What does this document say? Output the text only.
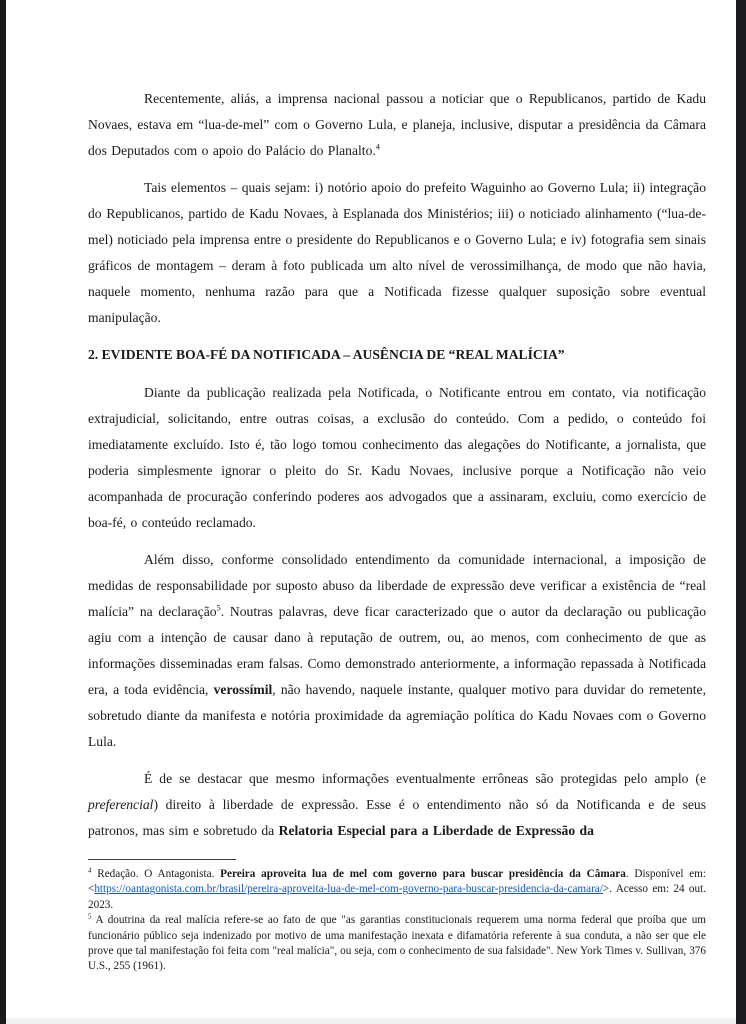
Recentemente, aliás, a imprensa nacional passou a noticiar que o Republicanos, partido de Kadu Novaes, estava em “lua-de-mel” com o Governo Lula, e planeja, inclusive, disputar a presidência da Câmara dos Deputados com o apoio do Palácio do Planalto.$^4$

Tais elementos – quais sejam: i) notório apoio do prefeito Waguinho ao Governo Lula; ii) integração do Republicanos, partido de Kadu Novaes, à Esplanada dos Ministérios; iii) o noticiado alinhamento (“lua-de-mel) noticiado pela imprensa entre o presidente do Republicanos e o Governo Lula; e iv) fotografia sem sinais gráficos de montagem – deram à foto publicada um alto nível de verossimilhança, de modo que não havia, naquele momento, nenhuma razão para que a Notificada fizesse qualquer suposição sobre eventual manipulação.

2. EVIDENTE BOA-FÉ DA NOTIFICADA – AUSÊNCIA DE “REAL MALÍCIA”

Diante da publicação realizada pela Notificada, o Notificante entrou em contato, via notificação extrajudicial, solicitando, entre outras coisas, a exclusão do conteúdo. Com a pedido, o conteúdo foi imediatamente excluído. Isto é, tão logo tomou conhecimento das alegações do Notificante, a jornalista, que poderia simplesmente ignorar o pleito do Sr. Kadu Novaes, inclusive porque a Notificação não veio acompanhada de procuração conferindo poderes aos advogados que a assinaram, excluiu, como exercício de boa-fé, o conteúdo reclamado.

Além disso, conforme consolidado entendimento da comunidade internacional, a imposição de medidas de responsabilidade por suposto abuso da liberdade de expressão deve verificar a existência de “real malícia” na declaração$^5$. Noutras palavras, deve ficar caracterizado que o autor da declaração ou publicação agiu com a intenção de causar dano à reputação de outrem, ou, ao menos, com conhecimento de que as informações disseminadas eram falsas. Como demonstrado anteriormente, a informação repassada à Notificada era, a toda evidência, verossímil, não havendo, naquele instante, qualquer motivo para duvidar do remetente, sobretudo diante da manifesta e notória proximidade da agremiação política do Kadu Novaes com o Governo Lula.

É de se destacar que mesmo informações eventualmente errôneas são protegidas pelo amplo (e preferencial) direito à liberdade de expressão. Esse é o entendimento não só da Notificanda e de seus patronos, mas sim e sobretudo da Relatoria Especial para a Liberdade de Expressão da

$^4$ Redação. O Antagonista. Pereira aproveita lua de mel com governo para buscar presidência da Câmara. Disponível em: <https://oantagonista.com.br/brasil/pereira-aproveita-lua-de-mel-com-governo-para-buscar-presidencia-da-camara/>. Acesso em: 24 out. 2023.

$^5$ A doutrina da real malícia refere-se ao fato de que "as garantias constitucionais requerem uma norma federal que proíba que um funcionário público seja indenizado por motivo de uma manifestação inexata e difamatória referente à sua conduta, a não ser que ele prove que tal manifestação foi feita com "real malícia", ou seja, com o conhecimento de sua falsidade". New York Times v. Sullivan, 376 U.S., 255 (1961).
